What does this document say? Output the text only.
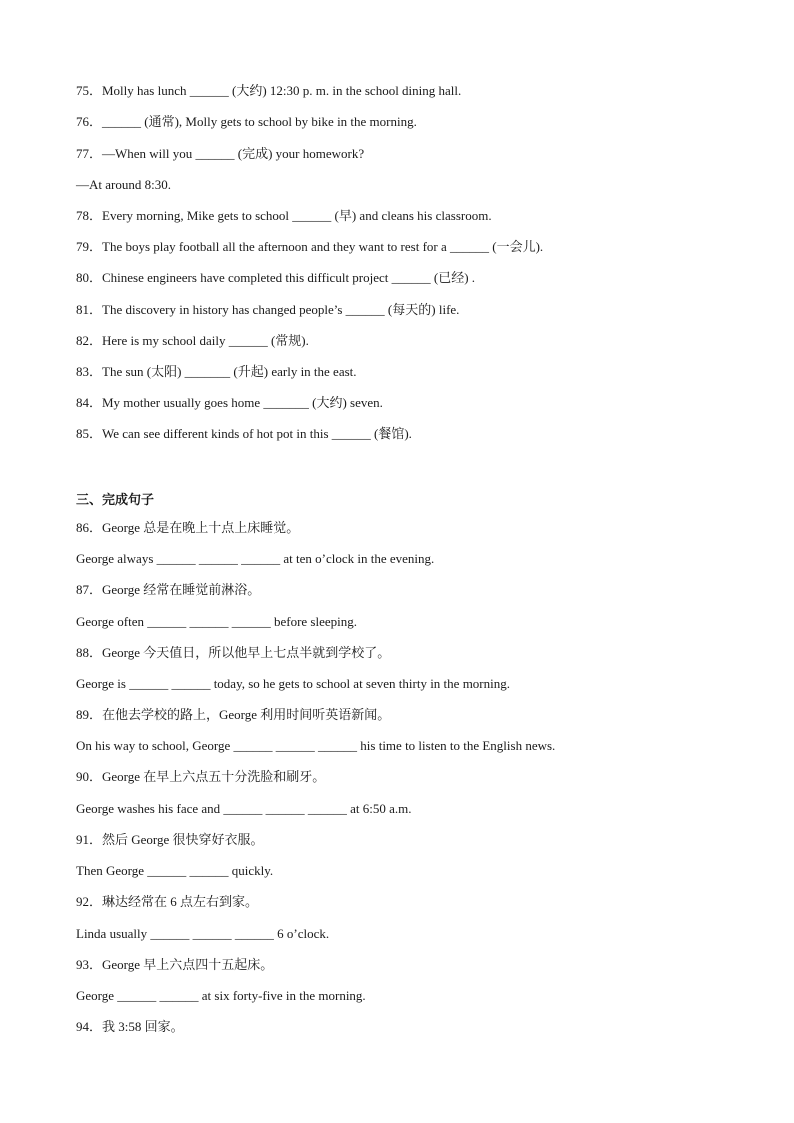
75．Molly has lunch ______ (大约) 12:30 p. m. in the school dining hall.
76．______ (通常), Molly gets to school by bike in the morning.
77．—When will you ______ (完成) your homework?
—At around 8:30.
78．Every morning, Mike gets to school ______ (早) and cleans his classroom.
79．The boys play football all the afternoon and they want to rest for a ______ (一会儿).
80．Chinese engineers have completed this difficult project ______ (已经) .
81．The discovery in history has changed people’s ______ (每天的) life.
82．Here is my school daily ______ (常规).
83．The sun (太阳) _______ (升起) early in the east.
84．My mother usually goes home _______ (大约) seven.
85．We can see different kinds of hot pot in this ______ (餐馆).
三、完成句子
86．George 总是在晚上十点上床睡觉。
George always ______ ______ ______ at ten o’clock in the evening.
87．George 经常在睡觉前淋浴。
George often ______ ______ ______ before sleeping.
88．George 今天值日，所以他早上七点半就到学校了。
George is ______ ______ today, so he gets to school at seven thirty in the morning.
89．在他去学校的路上，George 利用时间听英语新闻。
On his way to school, George ______ ______ ______ his time to listen to the English news.
90．George 在早上六点五十分洗脸和刷牙。
George washes his face and ______ ______ ______ at 6:50 a.m.
91．然后 George 很快穿好衣服。
Then George ______ ______ quickly.
92．琳达经常在 6 点左右到家。
Linda usually ______ ______ ______ 6 o’clock.
93．George 早上六点四十五起床。
George ______ ______ at six forty-five in the morning.
94．我 3:58 回家。
